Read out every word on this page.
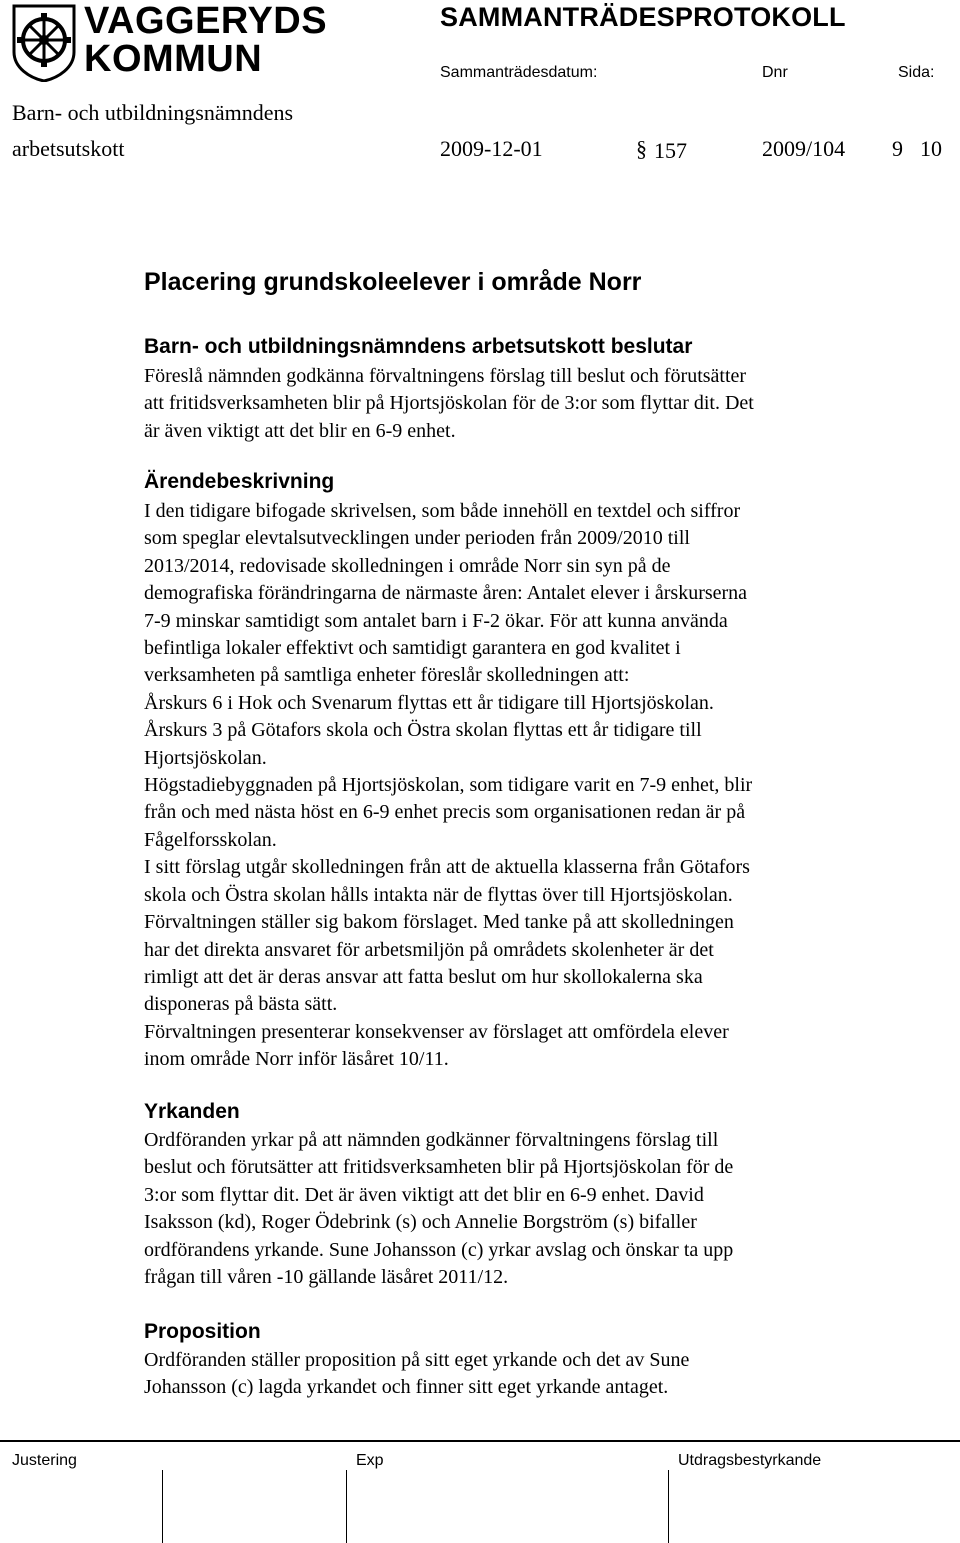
VAGGERYDS
KOMMUN
SAMMANTRÄDESPROTOKOLL
Sammanträdesdatum:	Dnr	Sida:
Barn- och utbildningsnämndens
arbetsutskott	2009-12-01	§ 157	2009/104 9 10
Placering grundskoleelever i område Norr
Barn- och utbildningsnämndens arbetsutskott beslutar
Föreslå nämnden godkänna förvaltningens förslag till beslut och förutsätter
att fritidsverksamheten blir på Hjortsjöskolan för de 3:or som flyttar dit. Det
är även viktigt att det blir en 6-9 enhet.
Ärendebeskrivning
I den tidigare bifogade skrivelsen, som både innehöll en textdel och siffror
som speglar elevtalsutvecklingen under perioden från 2009/2010 till
2013/2014, redovisade skolledningen i område Norr sin syn på de
demografiska förändringarna de närmaste åren: Antalet elever i årskurserna
7-9 minskar samtidigt som antalet barn i F-2 ökar. För att kunna använda
befintliga lokaler effektivt och samtidigt garantera en god kvalitet i
verksamheten på samtliga enheter föreslår skolledningen att:
Årskurs 6 i Hok och Svenarum flyttas ett år tidigare till Hjortsjöskolan.
Årskurs 3 på Götafors skola och Östra skolan flyttas ett år tidigare till
Hjortsjöskolan.
Högstadiebyggnaden på Hjortsjöskolan, som tidigare varit en 7-9 enhet, blir
från och med nästa höst en 6-9 enhet precis som organisationen redan är på
Fågelforsskolan.
I sitt förslag utgår skolledningen från att de aktuella klasserna från Götafors
skola och Östra skolan hålls intakta när de flyttas över till Hjortsjöskolan.
Förvaltningen ställer sig bakom förslaget. Med tanke på att skolledningen
har det direkta ansvaret för arbetsmiljön på områdets skolenheter är det
rimligt att det är deras ansvar att fatta beslut om hur skollokalerna ska
disponeras på bästa sätt.
Förvaltningen presenterar konsekvenser av förslaget att omfördela elever
inom område Norr inför läsåret 10/11.
Yrkanden
Ordföranden yrkar på att nämnden godkänner förvaltningens förslag till
beslut och förutsätter att fritidsverksamheten blir på Hjortsjöskolan för de
3:or som flyttar dit. Det är även viktigt att det blir en 6-9 enhet. David
Isaksson (kd), Roger Ödebrink (s) och Annelie Borgström (s) bifaller
ordförandens yrkande. Sune Johansson (c) yrkar avslag och önskar ta upp
frågan till våren -10 gällande läsåret 2011/12.
Proposition
Ordföranden ställer proposition på sitt eget yrkande och det av Sune
Johansson (c) lagda yrkandet och finner sitt eget yrkande antaget.
Justering	Exp	Utdragsbestyrkande
